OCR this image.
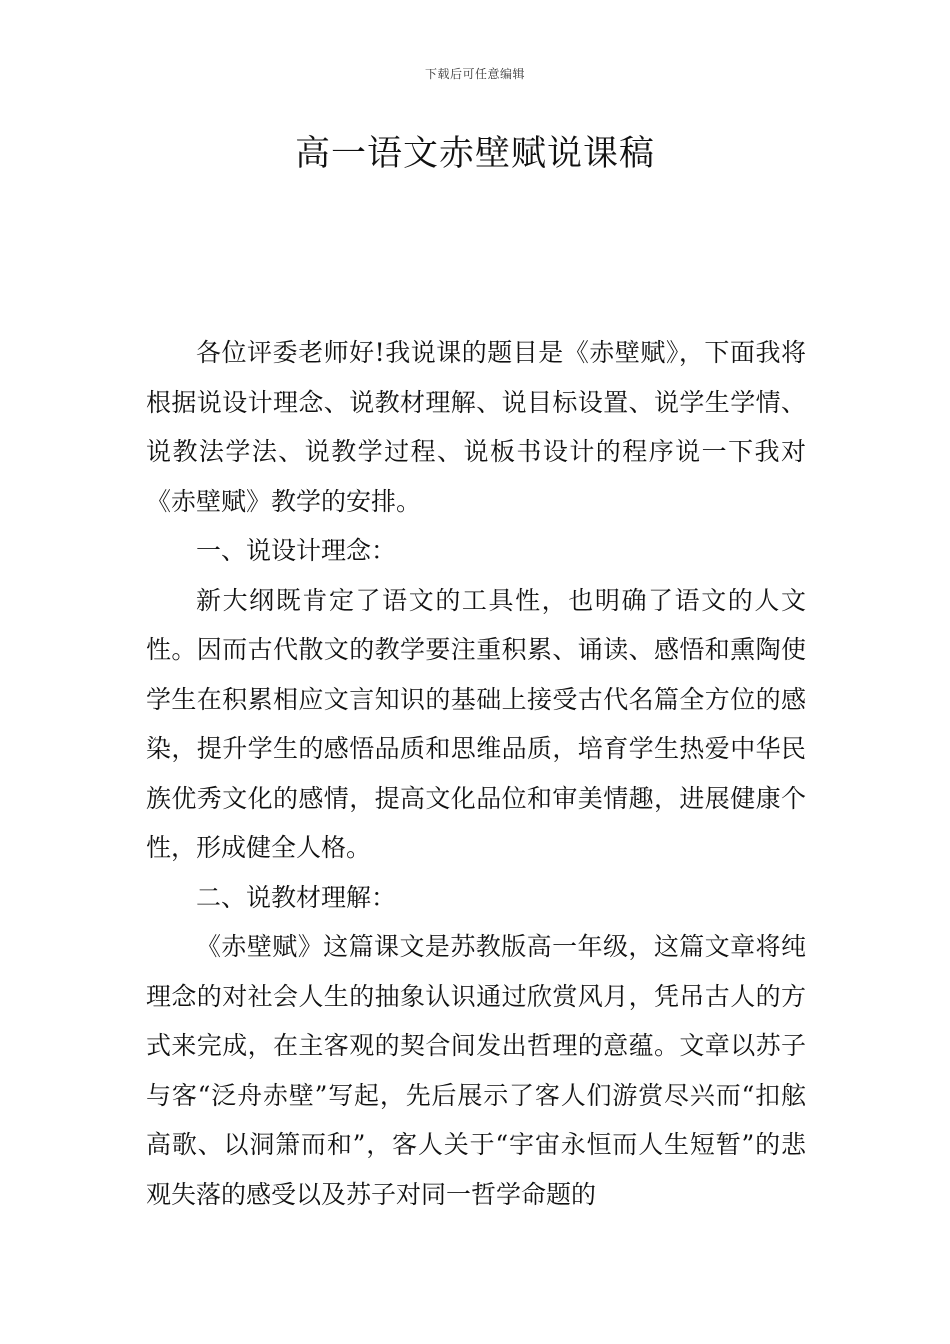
下载后可任意编辑
高一语文赤壁赋说课稿

各位评委老师好!我说课的题目是《赤壁赋》，下面我将根据说设计理念、说教材理解、说目标设置、说学生学情、说教法学法、说教学过程、说板书设计的程序说一下我对《赤壁赋》教学的安排。

一、说设计理念：

新大纲既肯定了语文的工具性，也明确了语文的人文性。因而古代散文的教学要注重积累、诵读、感悟和熏陶使学生在积累相应文言知识的基础上接受古代名篇全方位的感染，提升学生的感悟品质和思维品质，培育学生热爱中华民族优秀文化的感情，提高文化品位和审美情趣，进展健康个性，形成健全人格。

二、说教材理解：

《赤壁赋》这篇课文是苏教版高一年级，这篇文章将纯理念的对社会人生的抽象认识通过欣赏风月，凭吊古人的方式来完成，在主客观的契合间发出哲理的意蕴。文章以苏子与客“泛舟赤壁”写起，先后展示了客人们游赏尽兴而“扣舷高歌、以洞箫而和”，客人关于“宇宙永恒而人生短暂”的悲观失落的感受以及苏子对同一哲学命题的
